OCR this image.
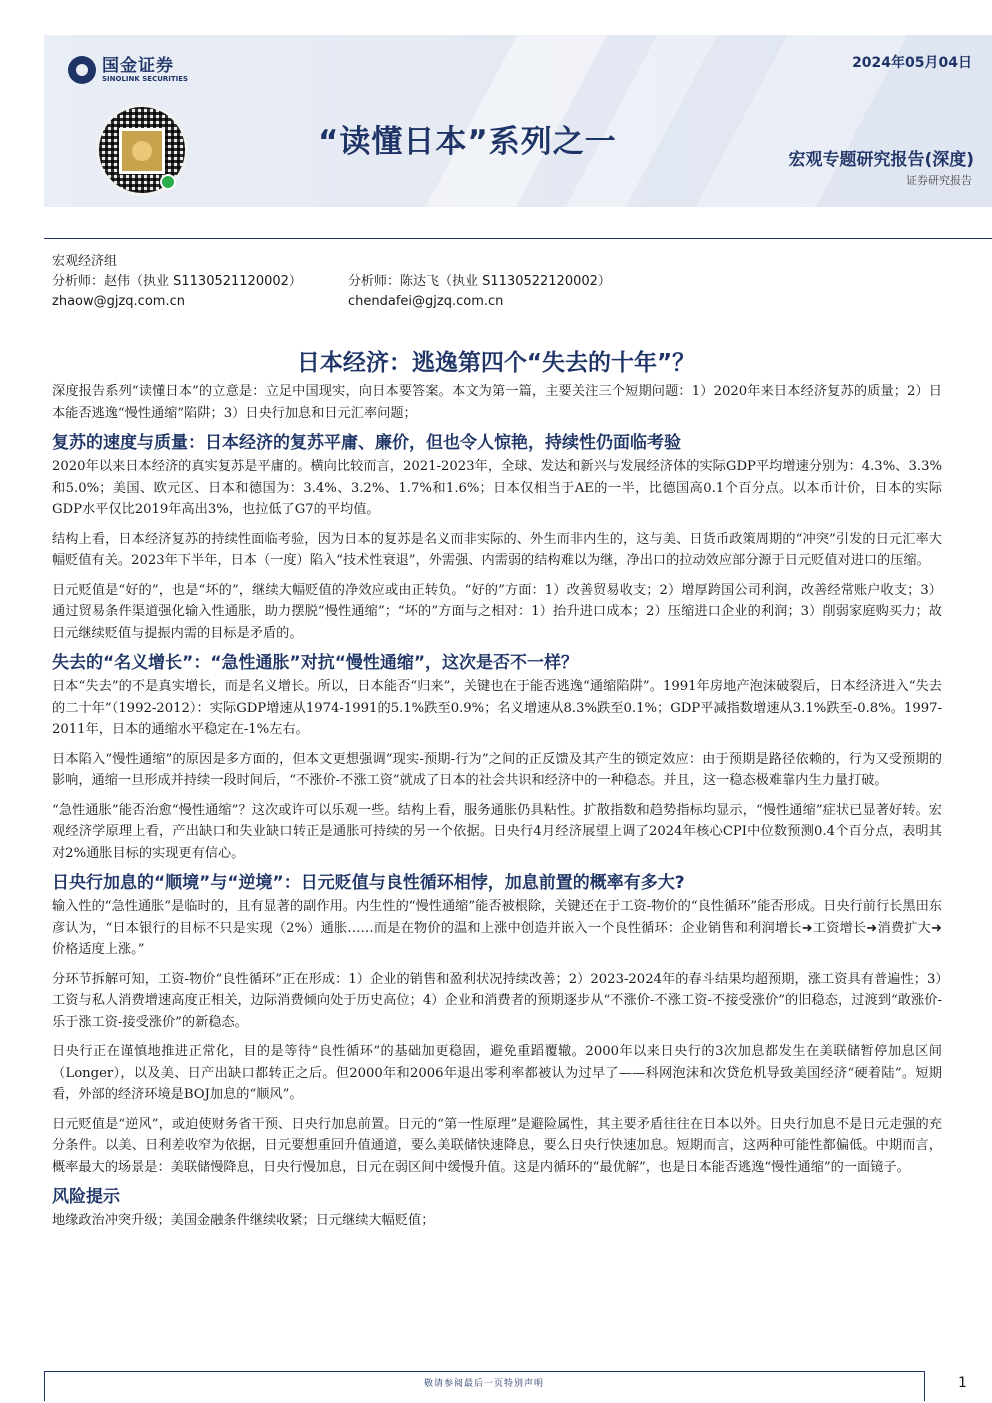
国金证券
SINOLINK SECURITIES
2024年05月04日
“读懂日本”系列之一	宏观专题研究报告(深度)
证券研究报告
宏观经济组
分析师：赵伟（执业 S1130521120002）
zhaow@gjzq.com.cn
分析师：陈达飞（执业 S1130522120002）
chendafei@gjzq.com.cn
日本经济：逃逸第四个“失去的十年”？

深度报告系列“读懂日本”的立意是：立足中国现实，向日本要答案。本文为第一篇，主要关注三个短期问题：1）2020年来日本经济复苏的质量；2）日本能否逃逸“慢性通缩”陷阱；3）日央行加息和日元汇率问题；

复苏的速度与质量：日本经济的复苏平庸、廉价，但也令人惊艳，持续性仍面临考验

2020年以来日本经济的真实复苏是平庸的。横向比较而言，2021-2023年，全球、发达和新兴与发展经济体的实际GDP平均增速分别为：4.3%、3.3%和5.0%；美国、欧元区、日本和德国为：3.4%、3.2%、1.7%和1.6%；日本仅相当于AE的一半，比德国高0.1个百分点。以本币计价，日本的实际GDP水平仅比2019年高出3%，也拉低了G7的平均值。

结构上看，日本经济复苏的持续性面临考验，因为日本的复苏是名义而非实际的、外生而非内生的，这与美、日货币政策周期的“冲突”引发的日元汇率大幅贬值有关。2023年下半年，日本（一度）陷入“技术性衰退”，外需强、内需弱的结构难以为继，净出口的拉动效应部分源于日元贬值对进口的压缩。

日元贬值是“好的”，也是“坏的”，继续大幅贬值的净效应或由正转负。“好的”方面：1）改善贸易收支；2）增厚跨国公司利润，改善经常账户收支；3）通过贸易条件渠道强化输入性通胀，助力摆脱“慢性通缩”；“坏的”方面与之相对：1）抬升进口成本；2）压缩进口企业的利润；3）削弱家庭购买力；故日元继续贬值与提振内需的目标是矛盾的。

失去的“名义增长”：“急性通胀”对抗“慢性通缩”，这次是否不一样？

日本“失去”的不是真实增长，而是名义增长。所以，日本能否“归来”，关键也在于能否逃逸“通缩陷阱”。1991年房地产泡沫破裂后，日本经济进入“失去的二十年”（1992-2012）：实际GDP增速从1974-1991的5.1%跌至0.9%；名义增速从8.3%跌至0.1%；GDP平减指数增速从3.1%跌至-0.8%。1997-2011年，日本的通缩水平稳定在-1%左右。

日本陷入“慢性通缩”的原因是多方面的，但本文更想强调“现实-预期-行为”之间的正反馈及其产生的锁定效应：由于预期是路径依赖的，行为又受预期的影响，通缩一旦形成并持续一段时间后，“不涨价-不涨工资”就成了日本的社会共识和经济中的一种稳态。并且，这一稳态极难靠内生力量打破。

“急性通胀”能否治愈“慢性通缩”？这次或许可以乐观一些。结构上看，服务通胀仍具粘性。扩散指数和趋势指标均显示，“慢性通缩”症状已显著好转。宏观经济学原理上看，产出缺口和失业缺口转正是通胀可持续的另一个依据。日央行4月经济展望上调了2024年核心CPI中位数预测0.4个百分点，表明其对2%通胀目标的实现更有信心。

日央行加息的“顺境”与“逆境”：日元贬值与良性循环相悖，加息前置的概率有多大?

输入性的“急性通胀”是临时的，且有显著的副作用。内生性的“慢性通缩”能否被根除，关键还在于工资-物价的“良性循环”能否形成。日央行前行长黑田东彦认为，“日本银行的目标不只是实现（2%）通胀……而是在物价的温和上涨中创造并嵌入一个良性循环：企业销售和利润增长➜工资增长➜消费扩大➜价格适度上涨。”

分环节拆解可知，工资-物价“良性循环”正在形成：1）企业的销售和盈利状况持续改善；2）2023-2024年的春斗结果均超预期，涨工资具有普遍性；3）工资与私人消费增速高度正相关，边际消费倾向处于历史高位；4）企业和消费者的预期逐步从“不涨价-不涨工资-不接受涨价”的旧稳态，过渡到“敢涨价-乐于涨工资-接受涨价”的新稳态。

日央行正在谨慎地推进正常化，目的是等待“良性循环”的基础加更稳固，避免重蹈覆辙。2000年以来日央行的3次加息都发生在美联储暂停加息区间（Longer），以及美、日产出缺口都转正之后。但2000年和2006年退出零利率都被认为过早了——科网泡沫和次贷危机导致美国经济“硬着陆”。短期看，外部的经济环境是BOJ加息的“顺风”。

日元贬值是“逆风”，或迫使财务省干预、日央行加息前置。日元的“第一性原理”是避险属性，其主要矛盾往往在日本以外。日央行加息不是日元走强的充分条件。以美、日利差收窄为依据，日元要想重回升值通道，要么美联储快速降息，要么日央行快速加息。短期而言，这两种可能性都偏低。中期而言，概率最大的场景是：美联储慢降息，日央行慢加息，日元在弱区间中缓慢升值。这是内循环的“最优解”，也是日本能否逃逸“慢性通缩”的一面镜子。

风险提示

地缘政治冲突升级；美国金融条件继续收紧；日元继续大幅贬值；

敬请参阅最后一页特别声明	1
